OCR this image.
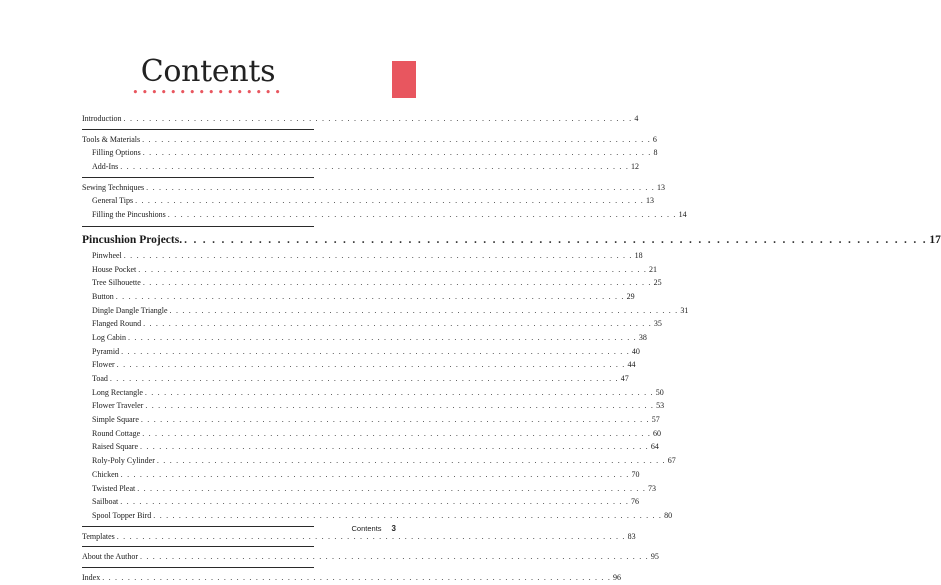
Contents
••••••••••••••••
Introduction . . . . . . . . . . . . . . . . . . . . . . . . . . . . . . . . . . . . . . . . . . . . . . . . . . . . . . . . . . . . . . . . . . . . . . . . . . . . . . . . 4
Tools & Materials . . . . . . . . . . . . . . . . . . . . . . . . . . . . . . . . . . . . . . . . . . . . . . . . . . . . . . . . . . . . . . . . . . . . . . . . . . . . . . . . 6
Filling Options . . . . . . . . . . . . . . . . . . . . . . . . . . . . . . . . . . . . . . . . . . . . . . . . . . . . . . . . . . . . . . . . . . . . . . . . . . . . . . . . 8
Add-Ins . . . . . . . . . . . . . . . . . . . . . . . . . . . . . . . . . . . . . . . . . . . . . . . . . . . . . . . . . . . . . . . . . . . . . . . . . . . . . . . . 12
Sewing Techniques . . . . . . . . . . . . . . . . . . . . . . . . . . . . . . . . . . . . . . . . . . . . . . . . . . . . . . . . . . . . . . . . . . . . . . . . . . . . . . . . 13
General Tips . . . . . . . . . . . . . . . . . . . . . . . . . . . . . . . . . . . . . . . . . . . . . . . . . . . . . . . . . . . . . . . . . . . . . . . . . . . . . . . . 13
Filling the Pincushions . . . . . . . . . . . . . . . . . . . . . . . . . . . . . . . . . . . . . . . . . . . . . . . . . . . . . . . . . . . . . . . . . . . . . . . . . . . . . . . . 14
Pincushion Projects. . . . . . . . . . . . . . . . . . . . . . . . . . . . . . . . . . . . . . . . . . . . . . . . . . . . . . . . . . . . . . . . . . . . . . . . . . . . . . . . . 17
Pinwheel . . . . . . . . . . . . . . . . . . . . . . . . . . . . . . . . . . . . . . . . . . . . . . . . . . . . . . . . . . . . . . . . . . . . . . . . . . . . . . . . 18
House Pocket . . . . . . . . . . . . . . . . . . . . . . . . . . . . . . . . . . . . . . . . . . . . . . . . . . . . . . . . . . . . . . . . . . . . . . . . . . . . . . . . 21
Tree Silhouette . . . . . . . . . . . . . . . . . . . . . . . . . . . . . . . . . . . . . . . . . . . . . . . . . . . . . . . . . . . . . . . . . . . . . . . . . . . . . . . . 25
Button . . . . . . . . . . . . . . . . . . . . . . . . . . . . . . . . . . . . . . . . . . . . . . . . . . . . . . . . . . . . . . . . . . . . . . . . . . . . . . . . 29
Dingle Dangle Triangle . . . . . . . . . . . . . . . . . . . . . . . . . . . . . . . . . . . . . . . . . . . . . . . . . . . . . . . . . . . . . . . . . . . . . . . . . . . . . . . . 31
Flanged Round . . . . . . . . . . . . . . . . . . . . . . . . . . . . . . . . . . . . . . . . . . . . . . . . . . . . . . . . . . . . . . . . . . . . . . . . . . . . . . . . 35
Log Cabin . . . . . . . . . . . . . . . . . . . . . . . . . . . . . . . . . . . . . . . . . . . . . . . . . . . . . . . . . . . . . . . . . . . . . . . . . . . . . . . . 38
Pyramid . . . . . . . . . . . . . . . . . . . . . . . . . . . . . . . . . . . . . . . . . . . . . . . . . . . . . . . . . . . . . . . . . . . . . . . . . . . . . . . . 40
Flower . . . . . . . . . . . . . . . . . . . . . . . . . . . . . . . . . . . . . . . . . . . . . . . . . . . . . . . . . . . . . . . . . . . . . . . . . . . . . . . . 44
Toad . . . . . . . . . . . . . . . . . . . . . . . . . . . . . . . . . . . . . . . . . . . . . . . . . . . . . . . . . . . . . . . . . . . . . . . . . . . . . . . . 47
Long Rectangle . . . . . . . . . . . . . . . . . . . . . . . . . . . . . . . . . . . . . . . . . . . . . . . . . . . . . . . . . . . . . . . . . . . . . . . . . . . . . . . . 50
Flower Traveler . . . . . . . . . . . . . . . . . . . . . . . . . . . . . . . . . . . . . . . . . . . . . . . . . . . . . . . . . . . . . . . . . . . . . . . . . . . . . . . . 53
Simple Square . . . . . . . . . . . . . . . . . . . . . . . . . . . . . . . . . . . . . . . . . . . . . . . . . . . . . . . . . . . . . . . . . . . . . . . . . . . . . . . . 57
Round Cottage . . . . . . . . . . . . . . . . . . . . . . . . . . . . . . . . . . . . . . . . . . . . . . . . . . . . . . . . . . . . . . . . . . . . . . . . . . . . . . . . 60
Raised Square . . . . . . . . . . . . . . . . . . . . . . . . . . . . . . . . . . . . . . . . . . . . . . . . . . . . . . . . . . . . . . . . . . . . . . . . . . . . . . . . 64
Roly-Poly Cylinder . . . . . . . . . . . . . . . . . . . . . . . . . . . . . . . . . . . . . . . . . . . . . . . . . . . . . . . . . . . . . . . . . . . . . . . . . . . . . . . . 67
Chicken . . . . . . . . . . . . . . . . . . . . . . . . . . . . . . . . . . . . . . . . . . . . . . . . . . . . . . . . . . . . . . . . . . . . . . . . . . . . . . . . 70
Twisted Pleat . . . . . . . . . . . . . . . . . . . . . . . . . . . . . . . . . . . . . . . . . . . . . . . . . . . . . . . . . . . . . . . . . . . . . . . . . . . . . . . . 73
Sailboat . . . . . . . . . . . . . . . . . . . . . . . . . . . . . . . . . . . . . . . . . . . . . . . . . . . . . . . . . . . . . . . . . . . . . . . . . . . . . . . . 76
Spool Topper Bird . . . . . . . . . . . . . . . . . . . . . . . . . . . . . . . . . . . . . . . . . . . . . . . . . . . . . . . . . . . . . . . . . . . . . . . . . . . . . . . . 80
Templates . . . . . . . . . . . . . . . . . . . . . . . . . . . . . . . . . . . . . . . . . . . . . . . . . . . . . . . . . . . . . . . . . . . . . . . . . . . . . . . . 83
About the Author . . . . . . . . . . . . . . . . . . . . . . . . . . . . . . . . . . . . . . . . . . . . . . . . . . . . . . . . . . . . . . . . . . . . . . . . . . . . . . . . 95
Index . . . . . . . . . . . . . . . . . . . . . . . . . . . . . . . . . . . . . . . . . . . . . . . . . . . . . . . . . . . . . . . . . . . . . . . . . . . . . . . . 96
Contents 3
